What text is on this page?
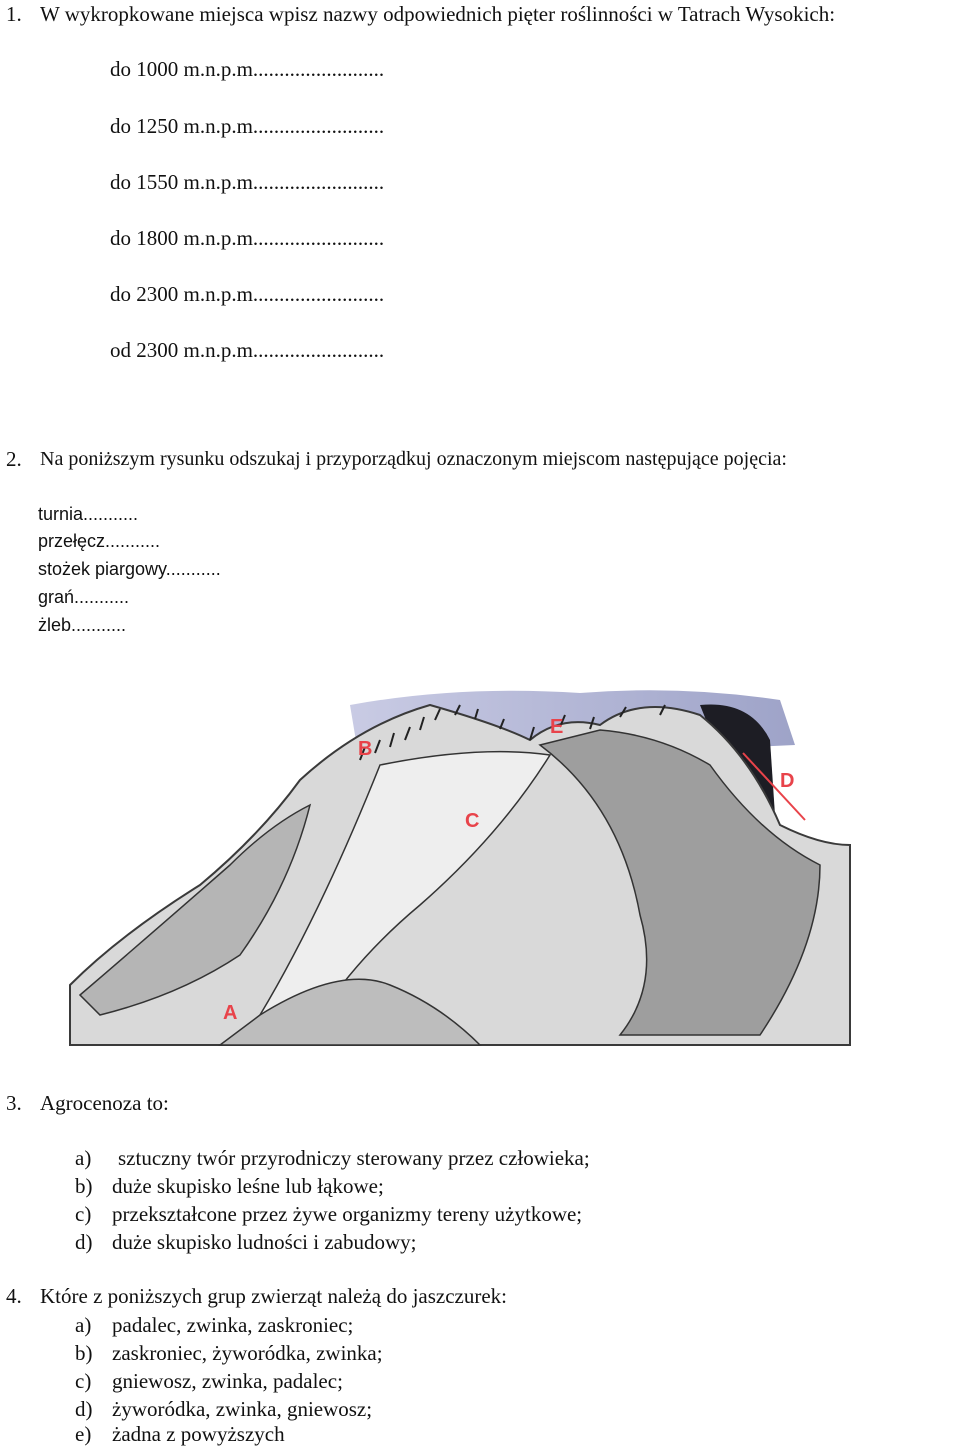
1. W wykropkowane miejsca wpisz nazwy odpowiednich pięter roślinności w Tatrach Wysokich:
do 1000 m.n.p.m.........................
do 1250 m.n.p.m.........................
do 1550 m.n.p.m.........................
do 1800 m.n.p.m.........................
do 2300 m.n.p.m.........................
od 2300 m.n.p.m.........................
2. Na poniższym rysunku odszukaj i przyporządkuj oznaczonym miejscom następujące pojęcia:
turnia...........
przełęcz...........
stożek piargowy...........
grań...........
żleb...........
B
E
D
C
A
3. Agrocenoza to:
a) sztuczny twór przyrodniczy sterowany przez człowieka;
b) duże skupisko leśne lub łąkowe;
c) przekształcone przez żywe organizmy tereny użytkowe;
d) duże skupisko ludności i zabudowy;
4. Które z poniższych grup zwierząt należą do jaszczurek:
a) padalec, zwinka, zaskroniec;
b) zaskroniec, żyworódka, zwinka;
c) gniewosz, zwinka, padalec;
d) żyworódka, zwinka, gniewosz;
e) żadna z powyższych
